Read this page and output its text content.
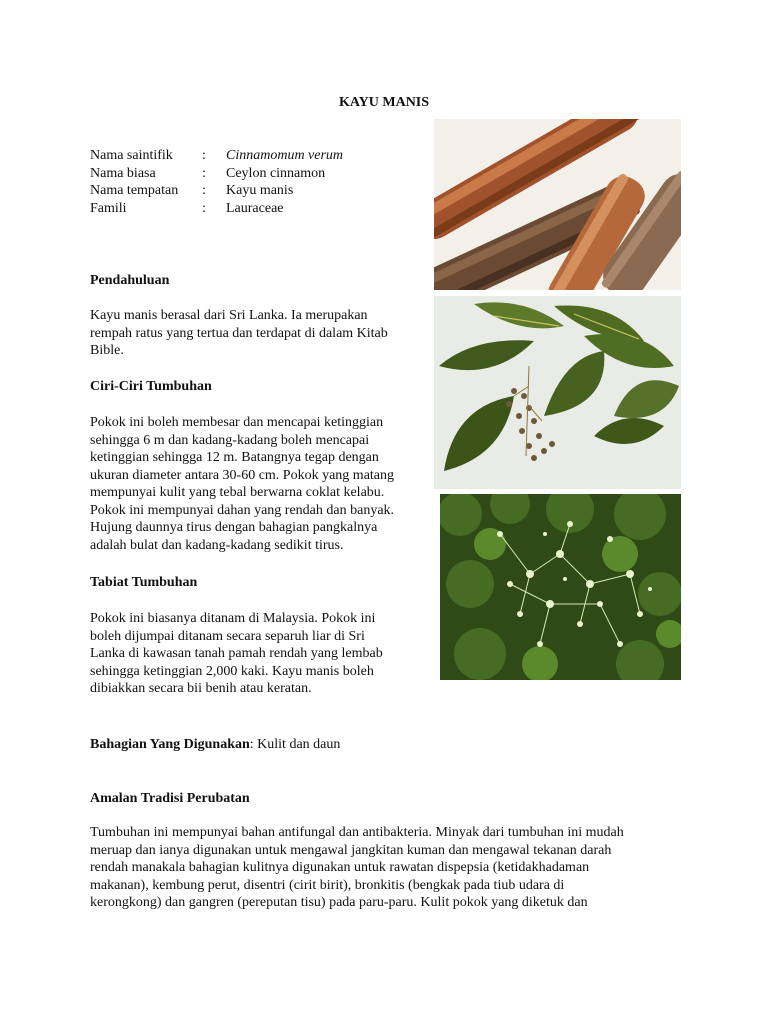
KAYU MANIS
Nama saintifik	:	Cinnamomum verum
Nama biasa	:	Ceylon cinnamon
Nama tempatan	:	Kayu manis
Famili	:	Lauraceae
Pendahuluan
Kayu manis berasal dari Sri Lanka. Ia merupakan
rempah ratus yang tertua dan terdapat di dalam Kitab
Bible.
Ciri-Ciri Tumbuhan
Pokok ini boleh membesar dan mencapai ketinggian
sehingga 6 m dan kadang-kadang boleh mencapai
ketinggian sehingga 12 m. Batangnya tegap dengan
ukuran diameter antara 30-60 cm. Pokok yang matang
mempunyai kulit yang tebal berwarna coklat kelabu.
Pokok ini mempunyai dahan yang rendah dan banyak.
Hujung daunnya tirus dengan bahagian pangkalnya
adalah bulat dan kadang-kadang sedikit tirus.
Tabiat Tumbuhan
Pokok ini biasanya ditanam di Malaysia. Pokok ini
boleh dijumpai ditanam secara separuh liar di Sri
Lanka di kawasan tanah pamah rendah yang lembab
sehingga ketinggian 2,000 kaki. Kayu manis boleh
dibiakkan secara bii benih atau keratan.
Bahagian Yang Digunakan: Kulit dan daun
Amalan Tradisi Perubatan
Tumbuhan ini mempunyai bahan antifungal dan antibakteria. Minyak dari tumbuhan ini mudah
meruap dan ianya digunakan untuk mengawal jangkitan kuman dan mengawal tekanan darah
rendah manakala bahagian kulitnya digunakan untuk rawatan dispepsia (ketidakhadaman
makanan), kembung perut, disentri (cirit birit), bronkitis (bengkak pada tiub udara di
kerongkong) dan gangren (pereputan tisu) pada paru-paru. Kulit pokok yang diketuk dan
